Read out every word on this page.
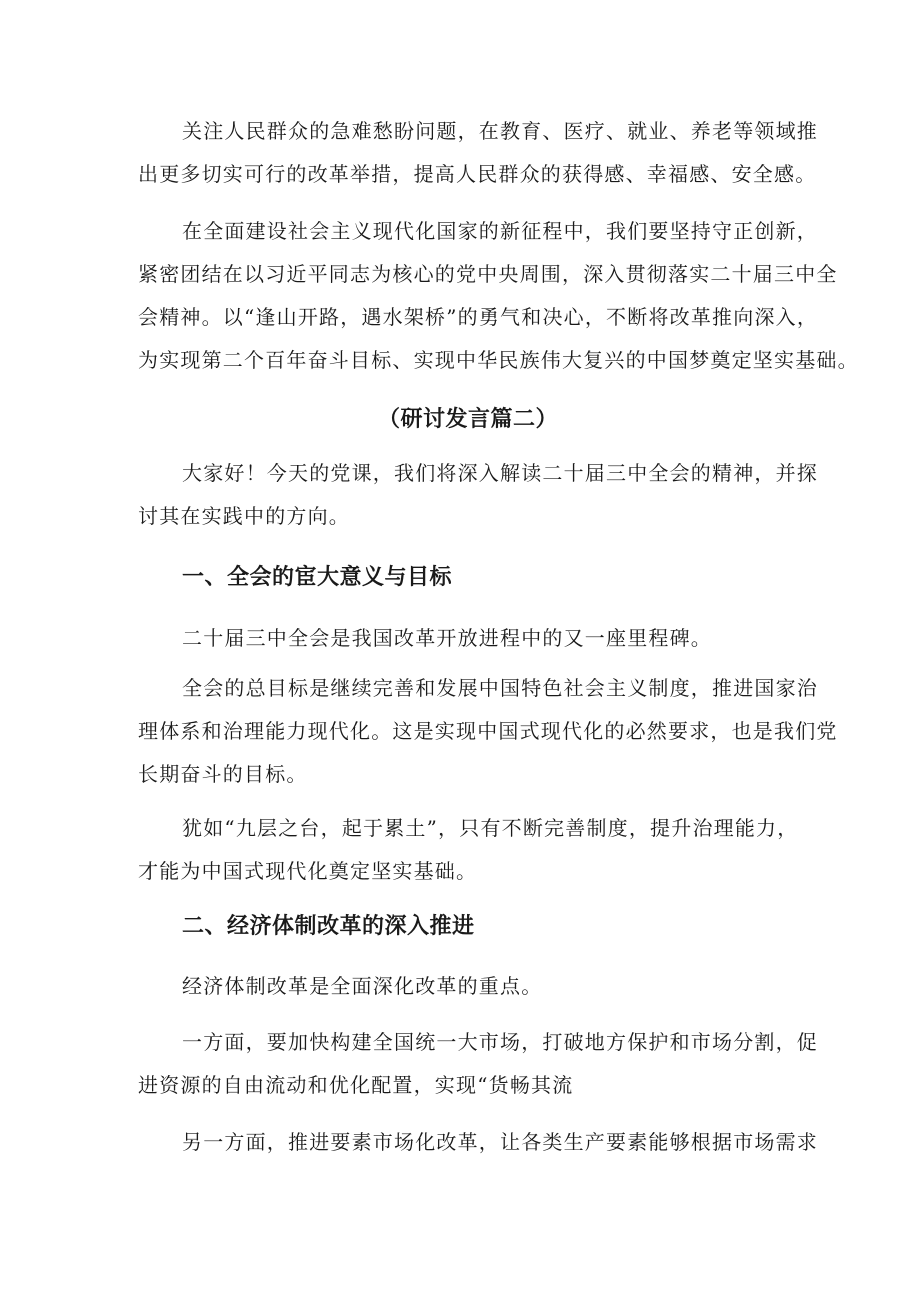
关注人民群众的急难愁盼问题，在教育、医疗、就业、养老等领域推
出更多切实可行的改革举措，提高人民群众的获得感、幸福感、安全感。

在全面建设社会主义现代化国家的新征程中，我们要坚持守正创新，
紧密团结在以习近平同志为核心的党中央周围，深入贯彻落实二十届三中全
会精神。以“逢山开路，遇水架桥”的勇气和决心，不断将改革推向深入，
为实现第二个百年奋斗目标、实现中华民族伟大复兴的中国梦奠定坚实基础。

（研讨发言篇二）

大家好！今天的党课，我们将深入解读二十届三中全会的精神，并探
讨其在实践中的方向。

一、全会的宦大意义与目标

二十届三中全会是我国改革开放进程中的又一座里程碑。

全会的总目标是继续完善和发展中国特色社会主义制度，推进国家治
理体系和治理能力现代化。这是实现中国式现代化的必然要求，也是我们党
长期奋斗的目标。

犹如“九层之台，起于累土”，只有不断完善制度，提升治理能力，
才能为中国式现代化奠定坚实基础。

二、经济体制改革的深入推进

经济体制改革是全面深化改革的重点。

一方面，要加快构建全国统一大市场，打破地方保护和市场分割，促
进资源的自由流动和优化配置，实现“货畅其流

另一方面，推进要素市场化改革，让各类生产要素能够根据市场需求
